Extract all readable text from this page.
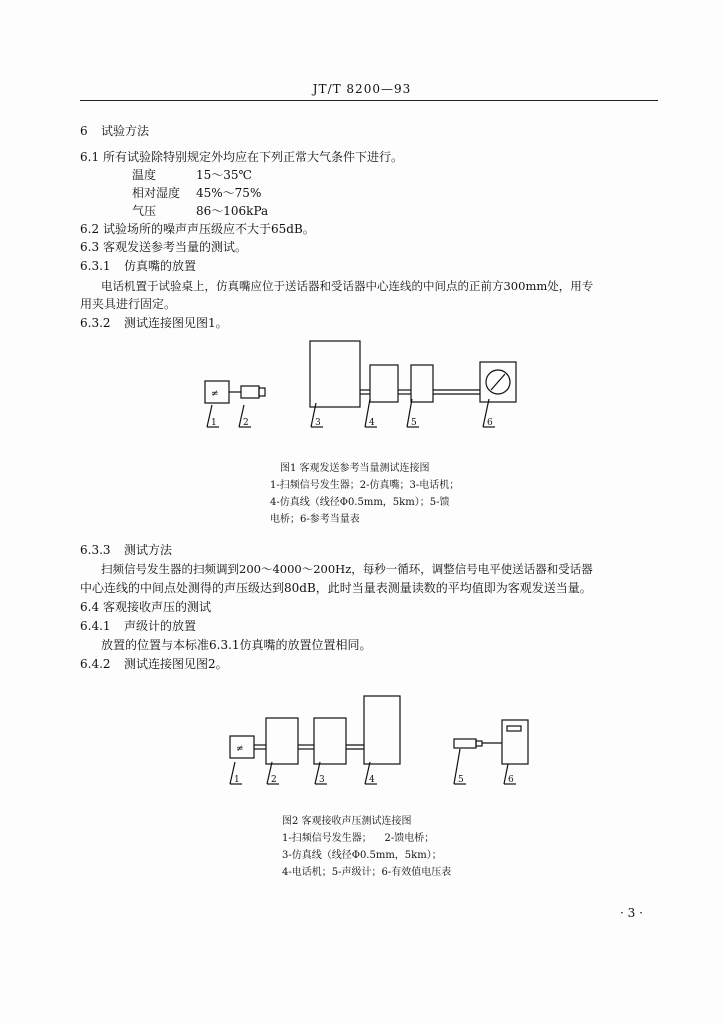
JT/T 8200—93
6 试验方法
6.1 所有试验除特别规定外均应在下列正常大气条件下进行。
温度	15～35℃
相对湿度 45%～75%
气压	86～106kPa
6.2 试验场所的噪声声压级应不大于65dB。
6.3 客观发送参考当量的测试。
6.3.1 仿真嘴的放置
电话机置于试验桌上，仿真嘴应位于送话器和受话器中心连线的中间点的正前方300mm处，用专
用夹具进行固定。
6.3.2 测试连接图见图1。
≠
1	2	3	4	5	6
图1 客观发送参考当量测试连接图
1-扫频信号发生器；2-仿真嘴；3-电话机；
4-仿真线（线径Φ0.5mm，5km）；5-馈
电桥；6-参考当量表
6.3.3 测试方法
扫频信号发生器的扫频调到200～4000～200Hz，每秒一循环，调整信号电平使送话器和受话器
中心连线的中间点处测得的声压级达到80dB，此时当量表测量读数的平均值即为客观发送当量。
6.4 客观接收声压的测试
6.4.1 声级计的放置
放置的位置与本标准6.3.1仿真嘴的放置位置相同。
6.4.2 测试连接图见图2。
≠
1	2	3	4	5	6
图2 客观接收声压测试连接图
1-扫频信号发生器；    2-馈电桥；
3-仿真线（线径Φ0.5mm，5km）；
4-电话机；5-声级计；6-有效值电压表
· 3 ·
